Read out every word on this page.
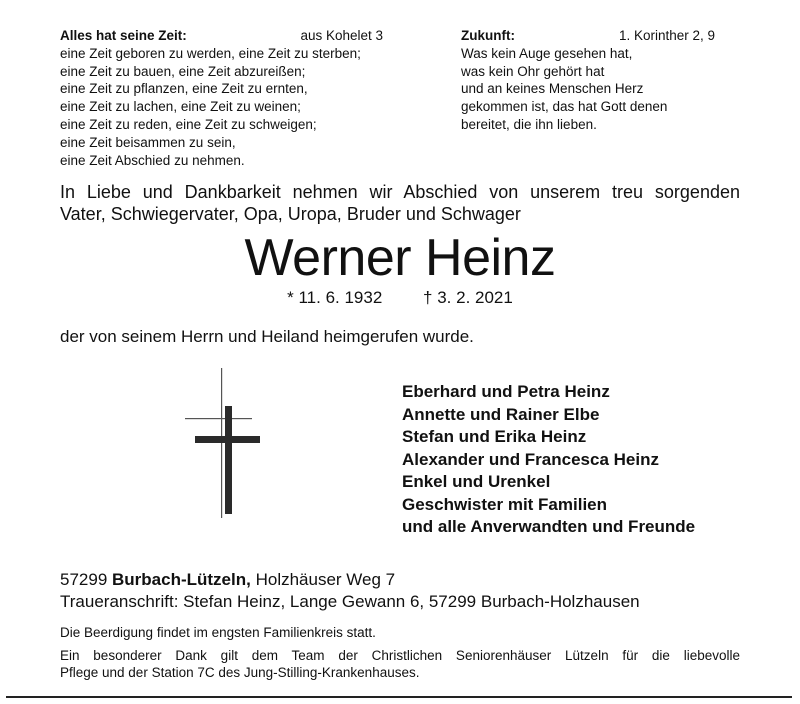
Alles hat seine Zeit:	aus Kohelet 3
eine Zeit geboren zu werden, eine Zeit zu sterben;
eine Zeit zu bauen, eine Zeit abzureißen;
eine Zeit zu pflanzen, eine Zeit zu ernten,
eine Zeit zu lachen, eine Zeit zu weinen;
eine Zeit zu reden, eine Zeit zu schweigen;
eine Zeit beisammen zu sein,
eine Zeit Abschied zu nehmen.
Zukunft:	1. Korinther 2, 9
Was kein Auge gesehen hat,
was kein Ohr gehört hat
und an keines Menschen Herz
gekommen ist, das hat Gott denen
bereitet, die ihn lieben.
In Liebe und Dankbarkeit nehmen wir Abschied von unserem treu sorgenden
Vater, Schwiegervater, Opa, Uropa, Bruder und Schwager
Werner Heinz
* 11. 6. 1932 † 3. 2. 2021
der von seinem Herrn und Heiland heimgerufen wurde.
Eberhard und Petra Heinz
Annette und Rainer Elbe
Stefan und Erika Heinz
Alexander und Francesca Heinz
Enkel und Urenkel
Geschwister mit Familien
und alle Anverwandten und Freunde
57299 Burbach-Lützeln, Holzhäuser Weg 7
Traueranschrift: Stefan Heinz, Lange Gewann 6, 57299 Burbach-Holzhausen
Die Beerdigung findet im engsten Familienkreis statt.
Ein besonderer Dank gilt dem Team der Christlichen Seniorenhäuser Lützeln für die liebevolle
Pflege und der Station 7C des Jung-Stilling-Krankenhauses.
